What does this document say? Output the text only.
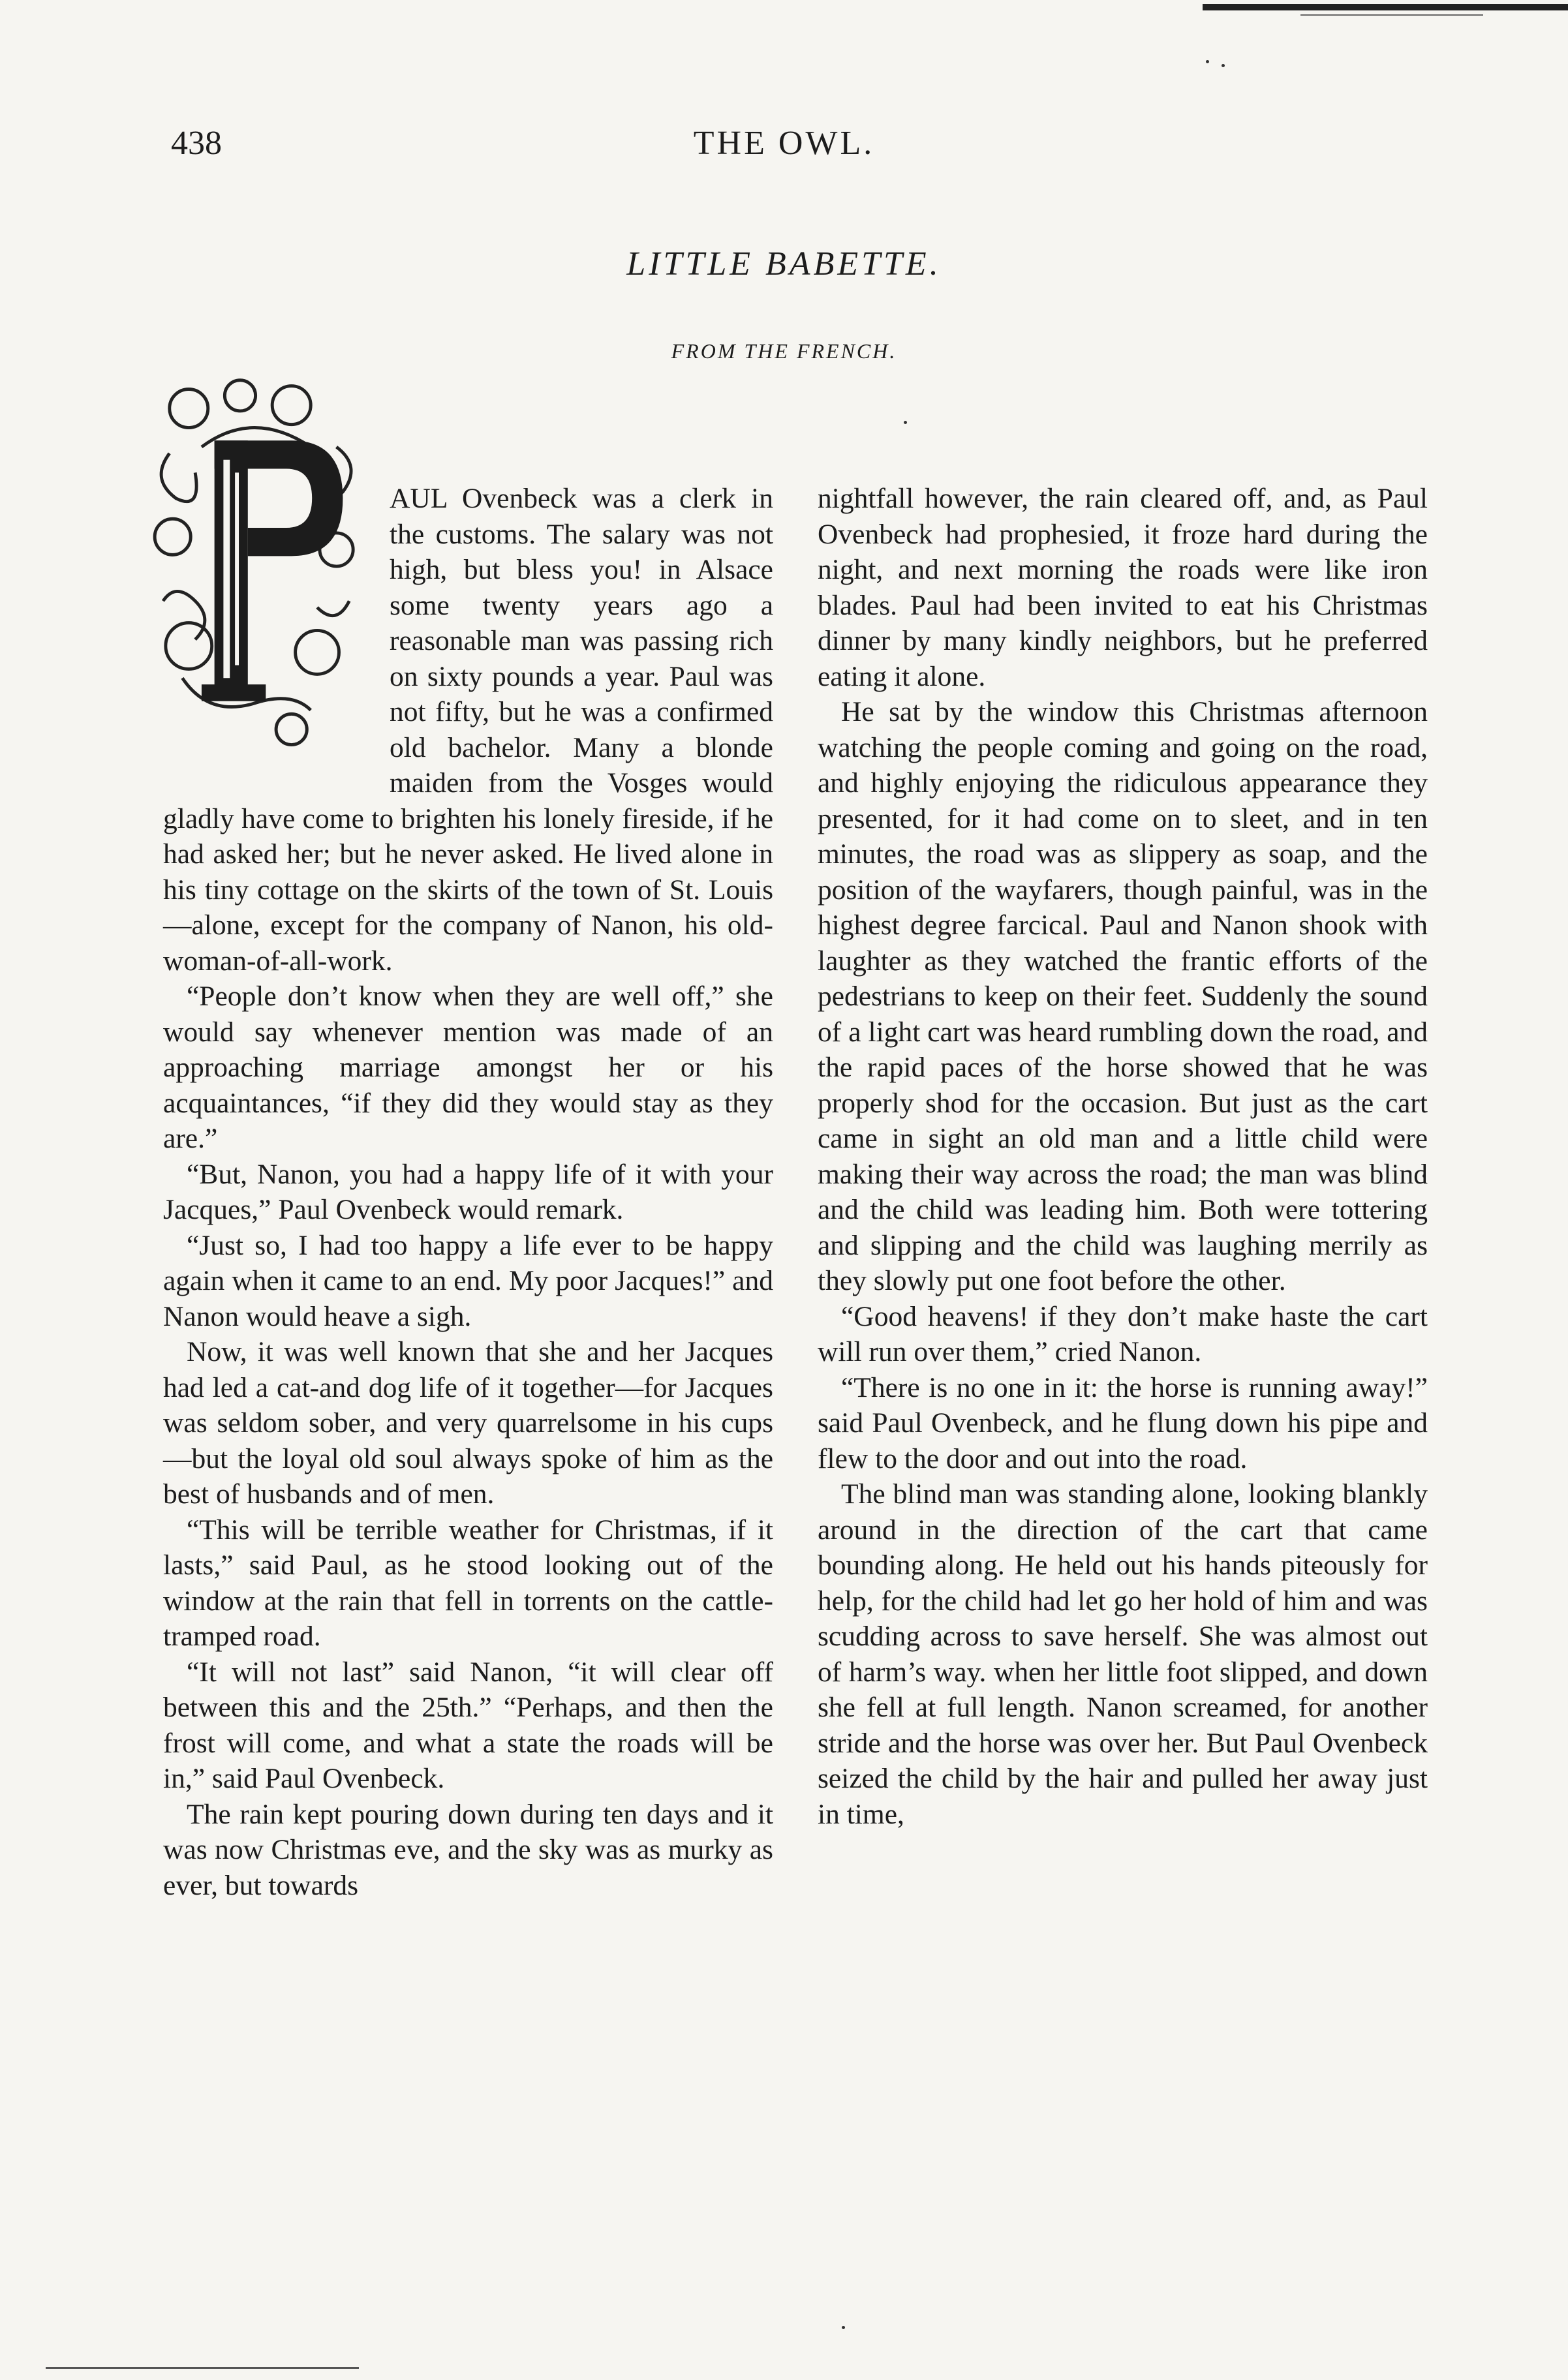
438	THE OWL.
LITTLE BABETTE.
FROM THE FRENCH.

AUL Ovenbeck was a clerk in the customs. The salary was not high, but bless you! in Alsace some twenty years ago a reasonable man was passing rich on sixty pounds a year. Paul was not fifty, but he was a confirmed old bachelor. Many a blonde maiden from the Vosges would gladly have come to brighten his lonely fireside, if he had asked her; but he never asked. He lived alone in his tiny cottage on the skirts of the town of St. Louis—alone, except for the company of Nanon, his old-woman-of-all-work.

“People don’t know when they are well off,” she would say whenever mention was made of an approaching marriage amongst her or his acquaintances, “if they did they would stay as they are.”

“But, Nanon, you had a happy life of it with your Jacques,” Paul Ovenbeck would remark.

“Just so, I had too happy a life ever to be happy again when it came to an end. My poor Jacques!” and Nanon would heave a sigh.

Now, it was well known that she and her Jacques had led a cat-and dog life of it together—for Jacques was seldom sober, and very quarrelsome in his cups—but the loyal old soul always spoke of him as the best of husbands and of men.

“This will be terrible weather for Christmas, if it lasts,” said Paul, as he stood looking out of the window at the rain that fell in torrents on the cattle-tramped road.

“It will not last” said Nanon, “it will clear off between this and the 25th.” “Perhaps, and then the frost will come, and what a state the roads will be in,” said Paul Ovenbeck.

The rain kept pouring down during ten days and it was now Christmas eve, and the sky was as murky as ever, but towards

nightfall however, the rain cleared off, and, as Paul Ovenbeck had prophesied, it froze hard during the night, and next morning the roads were like iron blades. Paul had been invited to eat his Christmas dinner by many kindly neighbors, but he preferred eating it alone.

He sat by the window this Christmas afternoon watching the people coming and going on the road, and highly enjoying the ridiculous appearance they presented, for it had come on to sleet, and in ten minutes, the road was as slippery as soap, and the position of the wayfarers, though painful, was in the highest degree farcical. Paul and Nanon shook with laughter as they watched the frantic efforts of the pedestrians to keep on their feet. Suddenly the sound of a light cart was heard rumbling down the road, and the rapid paces of the horse showed that he was properly shod for the occasion. But just as the cart came in sight an old man and a little child were making their way across the road; the man was blind and the child was leading him. Both were tottering and slipping and the child was laughing merrily as they slowly put one foot before the other.

“Good heavens! if they don’t make haste the cart will run over them,” cried Nanon.

“There is no one in it: the horse is running away!” said Paul Ovenbeck, and he flung down his pipe and flew to the door and out into the road.

The blind man was standing alone, looking blankly around in the direction of the cart that came bounding along. He held out his hands piteously for help, for the child had let go her hold of him and was scudding across to save herself. She was almost out of harm’s way. when her little foot slipped, and down she fell at full length. Nanon screamed, for another stride and the horse was over her. But Paul Ovenbeck seized the child by the hair and pulled her away just in time,
